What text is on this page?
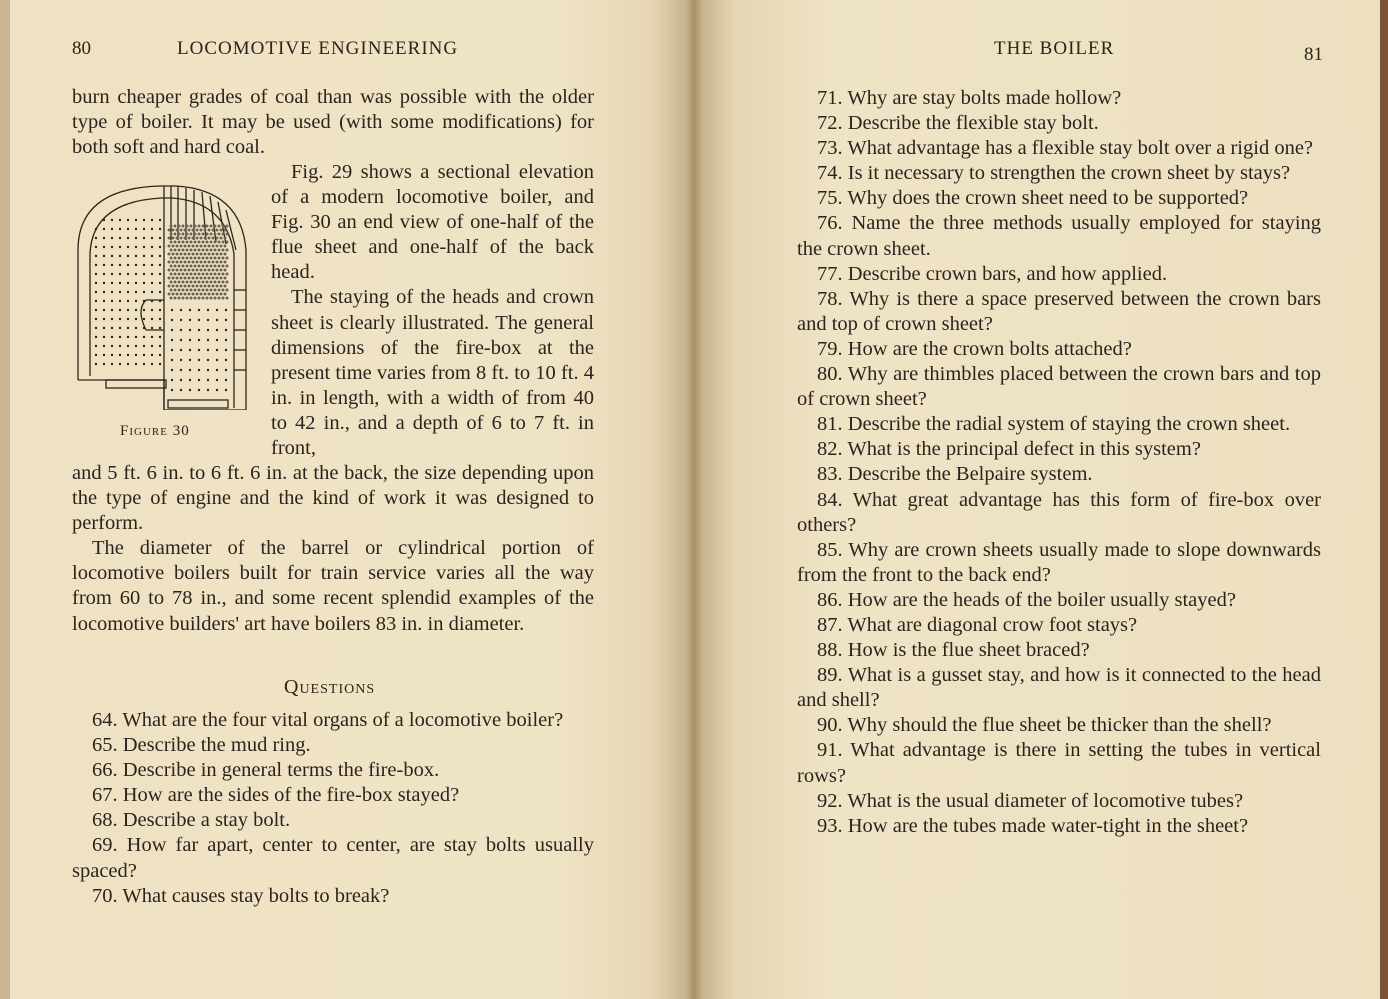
80	LOCOMOTIVE ENGINEERING

burn cheaper grades of coal than was possible with the older type of boiler. It may be used (with some modifications) for both soft and hard coal.

Fig. 29 shows a sectional elevation of a modern locomotive boiler, and Fig. 30 an end view of one-half of the flue sheet and one-half of the back head.

The staying of the heads and crown sheet is clearly illustrated. The general dimensions of the fire-box at the present time varies from 8 ft. to 10 ft. 4 in. in length, with a width of from 40 to 42 in., and a depth of 6 to 7 ft. in front,

Figure 30

and 5 ft. 6 in. to 6 ft. 6 in. at the back, the size depending upon the type of engine and the kind of work it was designed to perform.

The diameter of the barrel or cylindrical portion of locomotive boilers built for train service varies all the way from 60 to 78 in., and some recent splendid examples of the locomotive builders' art have boilers 83 in. in diameter.

Questions

64. What are the four vital organs of a locomotive boiler?

65. Describe the mud ring.

66. Describe in general terms the fire-box.

67. How are the sides of the fire-box stayed?

68. Describe a stay bolt.

69. How far apart, center to center, are stay bolts usually spaced?

70. What causes stay bolts to break?

THE BOILER	81

71. Why are stay bolts made hollow?

72. Describe the flexible stay bolt.

73. What advantage has a flexible stay bolt over a rigid one?

74. Is it necessary to strengthen the crown sheet by stays?

75. Why does the crown sheet need to be supported?

76. Name the three methods usually employed for staying the crown sheet.

77. Describe crown bars, and how applied.

78. Why is there a space preserved between the crown bars and top of crown sheet?

79. How are the crown bolts attached?

80. Why are thimbles placed between the crown bars and top of crown sheet?

81. Describe the radial system of staying the crown sheet.

82. What is the principal defect in this system?

83. Describe the Belpaire system.

84. What great advantage has this form of fire-box over others?

85. Why are crown sheets usually made to slope downwards from the front to the back end?

86. How are the heads of the boiler usually stayed?

87. What are diagonal crow foot stays?

88. How is the flue sheet braced?

89. What is a gusset stay, and how is it connected to the head and shell?

90. Why should the flue sheet be thicker than the shell?

91. What advantage is there in setting the tubes in vertical rows?

92. What is the usual diameter of locomotive tubes?

93. How are the tubes made water-tight in the sheet?
